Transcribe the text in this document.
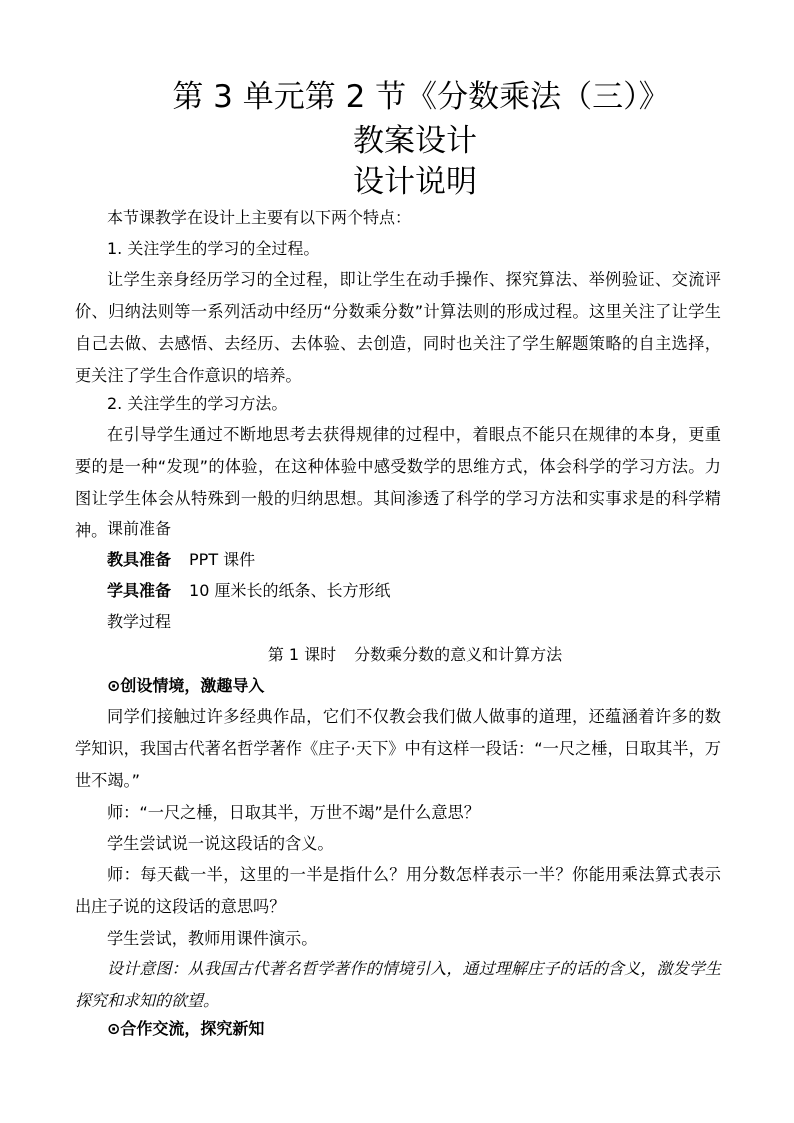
第 3 单元第 2 节《分数乘法（三）》
教案设计
设计说明
本节课教学在设计上主要有以下两个特点：
1. 关注学生的学习的全过程。
让学生亲身经历学习的全过程，即让学生在动手操作、探究算法、举例验证、交流评价、归纳法则等一系列活动中经历“分数乘分数”计算法则的形成过程。这里关注了让学生自己去做、去感悟、去经历、去体验、去创造，同时也关注了学生解题策略的自主选择，更关注了学生合作意识的培养。
2. 关注学生的学习方法。
在引导学生通过不断地思考去获得规律的过程中，着眼点不能只在规律的本身，更重要的是一种“发现”的体验，在这种体验中感受数学的思维方式，体会科学的学习方法。力图让学生体会从特殊到一般的归纳思想。其间渗透了科学的学习方法和实事求是的科学精神。 课前准备
教具准备 PPT 课件
学具准备 10 厘米长的纸条、长方形纸
教学过程
第 1 课时 分数乘分数的意义和计算方法
⊙创设情境，激趣导入
同学们接触过许多经典作品，它们不仅教会我们做人做事的道理，还蕴涵着许多的数学知识，我国古代著名哲学著作《庄子·天下》中有这样一段话：“一尺之棰，日取其半，万世不竭。”
师：“一尺之棰，日取其半，万世不竭”是什么意思？
学生尝试说一说这段话的含义。
师：每天截一半，这里的一半是指什么？用分数怎样表示一半？你能用乘法算式表示出庄子说的这段话的意思吗？
学生尝试，教师用课件演示。
设计意图：从我国古代著名哲学著作的情境引入，通过理解庄子的话的含义，激发学生探究和求知的欲望。
⊙合作交流，探究新知
